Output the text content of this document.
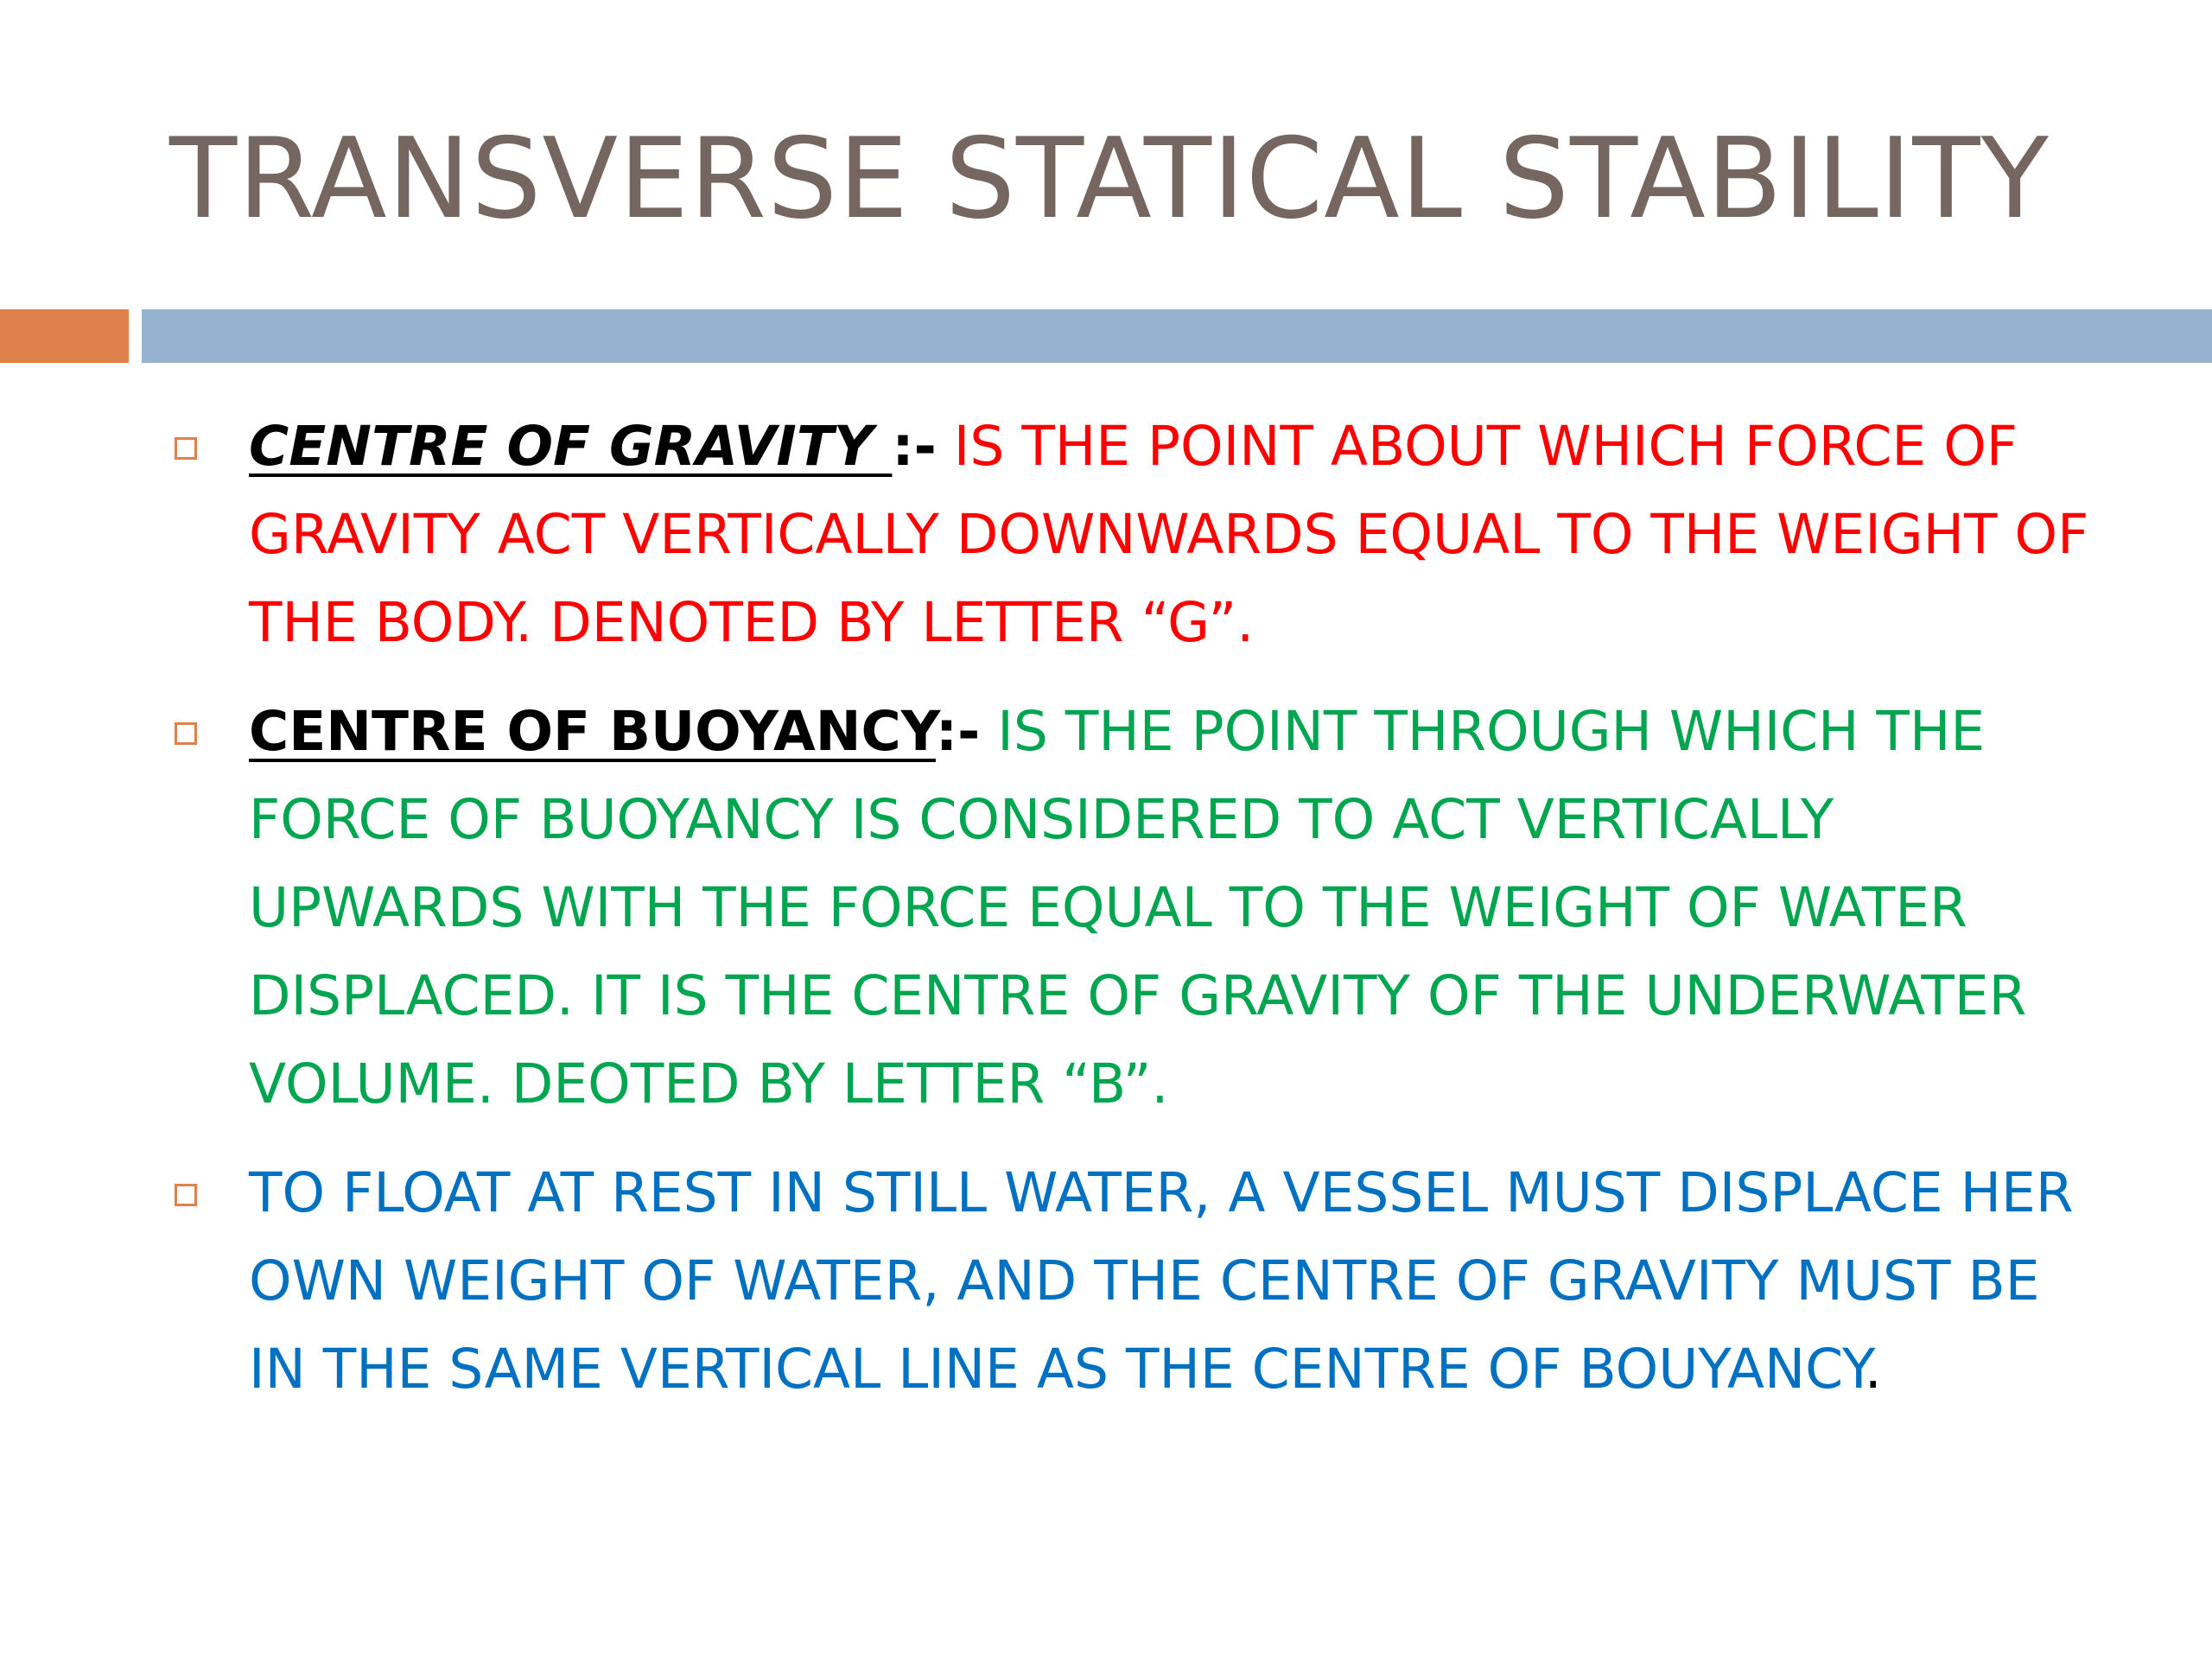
TRANSVERSE STATICAL STABILITY
CENTRE OF GRAVITY :- IS THE POINT ABOUT WHICH FORCE OF GRAVITY ACT VERTICALLY DOWNWARDS EQUAL TO THE WEIGHT OF THE BODY. DENOTED BY LETTER “G”.
CENTRE OF BUOYANCY:- IS THE POINT THROUGH WHICH THE FORCE OF BUOYANCY IS CONSIDERED TO ACT VERTICALLY UPWARDS WITH THE FORCE EQUAL TO THE WEIGHT OF WATER DISPLACED. IT IS THE CENTRE OF GRAVITY OF THE UNDERWATER VOLUME. DEOTED BY LETTER “B”.
TO FLOAT AT REST IN STILL WATER, A VESSEL MUST DISPLACE HER OWN WEIGHT OF WATER, AND THE CENTRE OF GRAVITY MUST BE IN THE SAME VERTICAL LINE AS THE CENTRE OF BOUYANCY.
